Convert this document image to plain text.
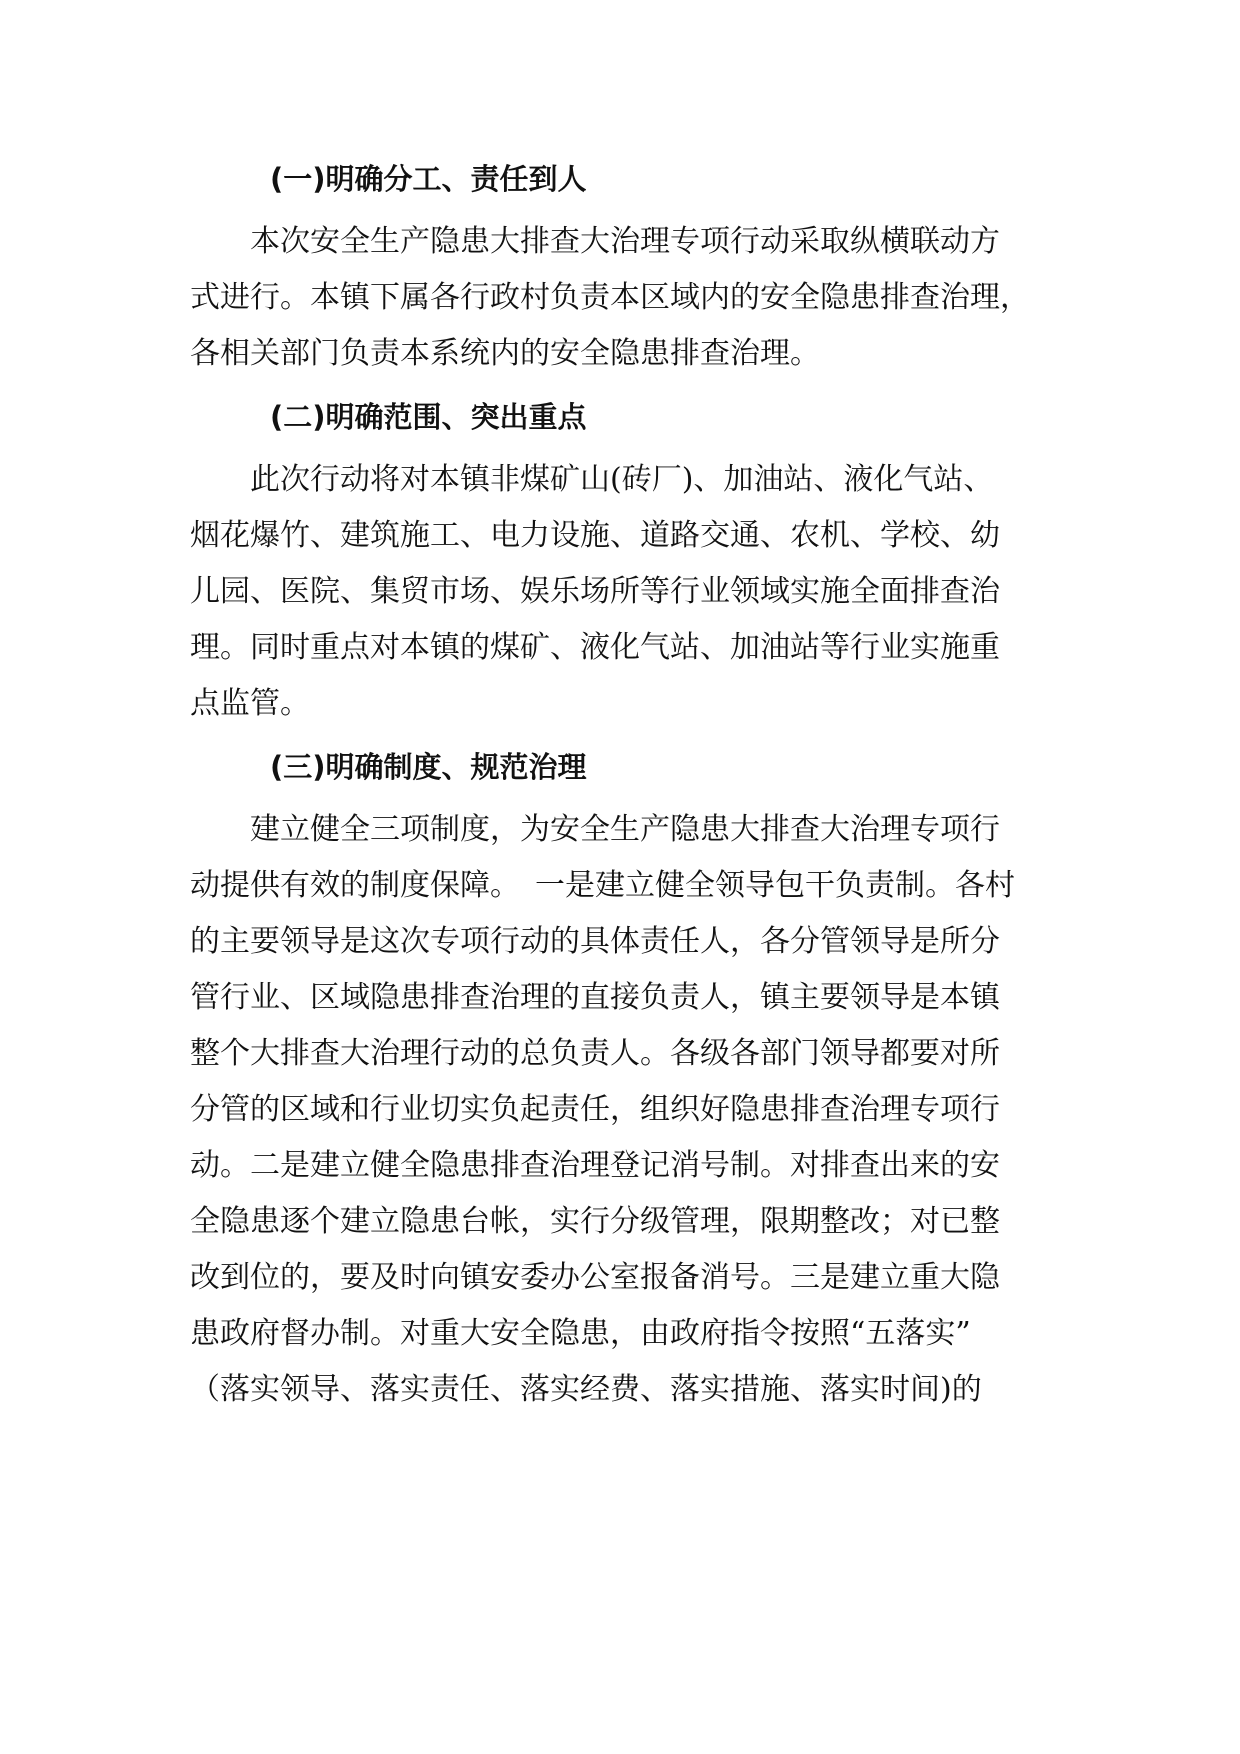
(一)明确分工、责任到人
本次安全生产隐患大排查大治理专项行动采取纵横联动方
式进行。本镇下属各行政村负责本区域内的安全隐患排查治理，
各相关部门负责本系统内的安全隐患排查治理。
(二)明确范围、突出重点
此次行动将对本镇非煤矿山(砖厂)、加油站、液化气站、
烟花爆竹、建筑施工、电力设施、道路交通、农机、学校、幼
儿园、医院、集贸市场、娱乐场所等行业领域实施全面排查治
理。同时重点对本镇的煤矿、液化气站、加油站等行业实施重
点监管。
(三)明确制度、规范治理
建立健全三项制度，为安全生产隐患大排查大治理专项行
动提供有效的制度保障。　一是建立健全领导包干负责制。各村
的主要领导是这次专项行动的具体责任人，各分管领导是所分
管行业、区域隐患排查治理的直接负责人，镇主要领导是本镇
整个大排查大治理行动的总负责人。各级各部门领导都要对所
分管的区域和行业切实负起责任，组织好隐患排查治理专项行
动。二是建立健全隐患排查治理登记消号制。对排查出来的安
全隐患逐个建立隐患台帐，实行分级管理，限期整改；对已整
改到位的，要及时向镇安委办公室报备消号。三是建立重大隐
患政府督办制。对重大安全隐患，由政府指令按照“五落实”
（落实领导、落实责任、落实经费、落实措施、落实时间)的
